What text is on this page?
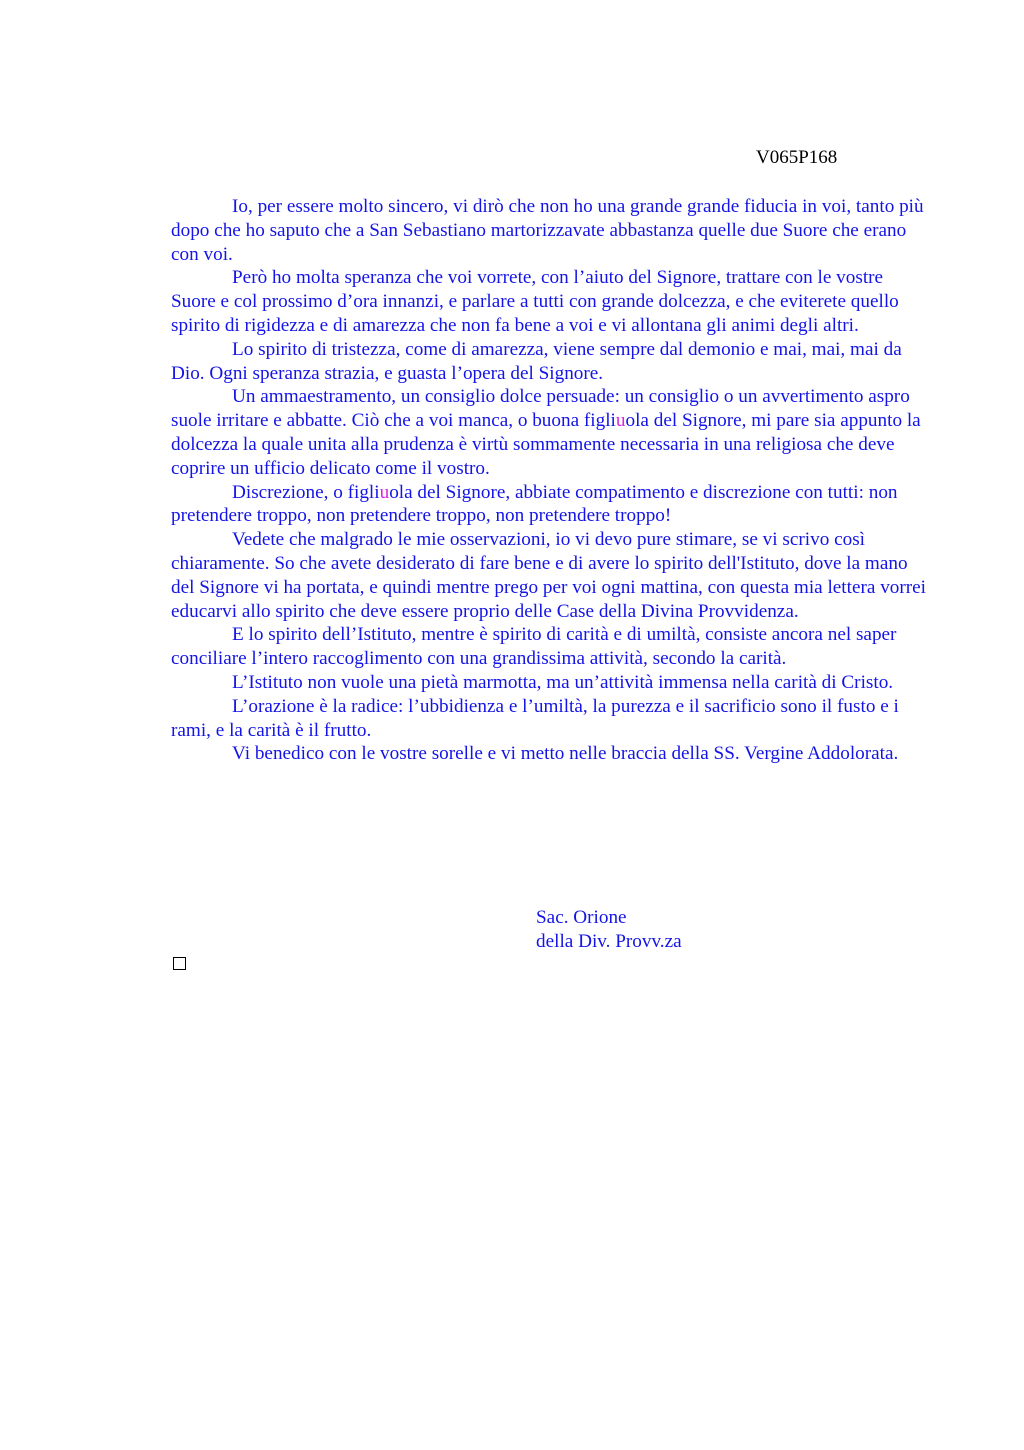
V065P168

Io, per essere molto sincero, vi dirò che non ho una grande grande fiducia in voi, tanto più dopo che ho saputo che a San Sebastiano martorizzavate abbastanza quelle due Suore che erano con voi.

Però ho molta speranza che voi vorrete, con l’aiuto del Signore, trattare con le vostre Suore e col prossimo d’ora innanzi, e parlare a tutti con grande dolcezza, e che eviterete quello spirito di rigidezza e di amarezza che non fa bene a voi e vi allontana gli animi degli altri.

Lo spirito di tristezza, come di amarezza, viene sempre dal demonio e mai, mai, mai da Dio. Ogni speranza strazia, e guasta l’opera del Signore.

Un ammaestramento, un consiglio dolce persuade: un consiglio o un avvertimento aspro suole irritare e abbatte. Ciò che a voi manca, o buona figliuola del Signore, mi pare sia appunto la dolcezza la quale unita alla prudenza è virtù sommamente necessaria in una religiosa che deve coprire un ufficio delicato come il vostro.

Discrezione, o figliuola del Signore, abbiate compatimento e discrezione con tutti: non pretendere troppo, non pretendere troppo, non pretendere troppo!

Vedete che malgrado le mie osservazioni, io vi devo pure stimare, se vi scrivo così chiaramente. So che avete desiderato di fare bene e di avere lo spirito dell'Istituto, dove la mano del Signore vi ha portata, e quindi mentre prego per voi ogni mattina, con questa mia lettera vorrei educarvi allo spirito che deve essere proprio delle Case della Divina Provvidenza.

E lo spirito dell’Istituto, mentre è spirito di carità e di umiltà, consiste ancora nel saper conciliare l’intero raccoglimento con una grandissima attività, secondo la carità.

L’Istituto non vuole una pietà marmotta, ma un’attività immensa nella carità di Cristo.

L’orazione è la radice: l’ubbidienza e l’umiltà, la purezza e il sacrificio sono il fusto e i rami, e la carità è il frutto.

Vi benedico con le vostre sorelle e vi metto nelle braccia della SS. Vergine Addolorata.

Sac. Orione
della Div. Provv.za
